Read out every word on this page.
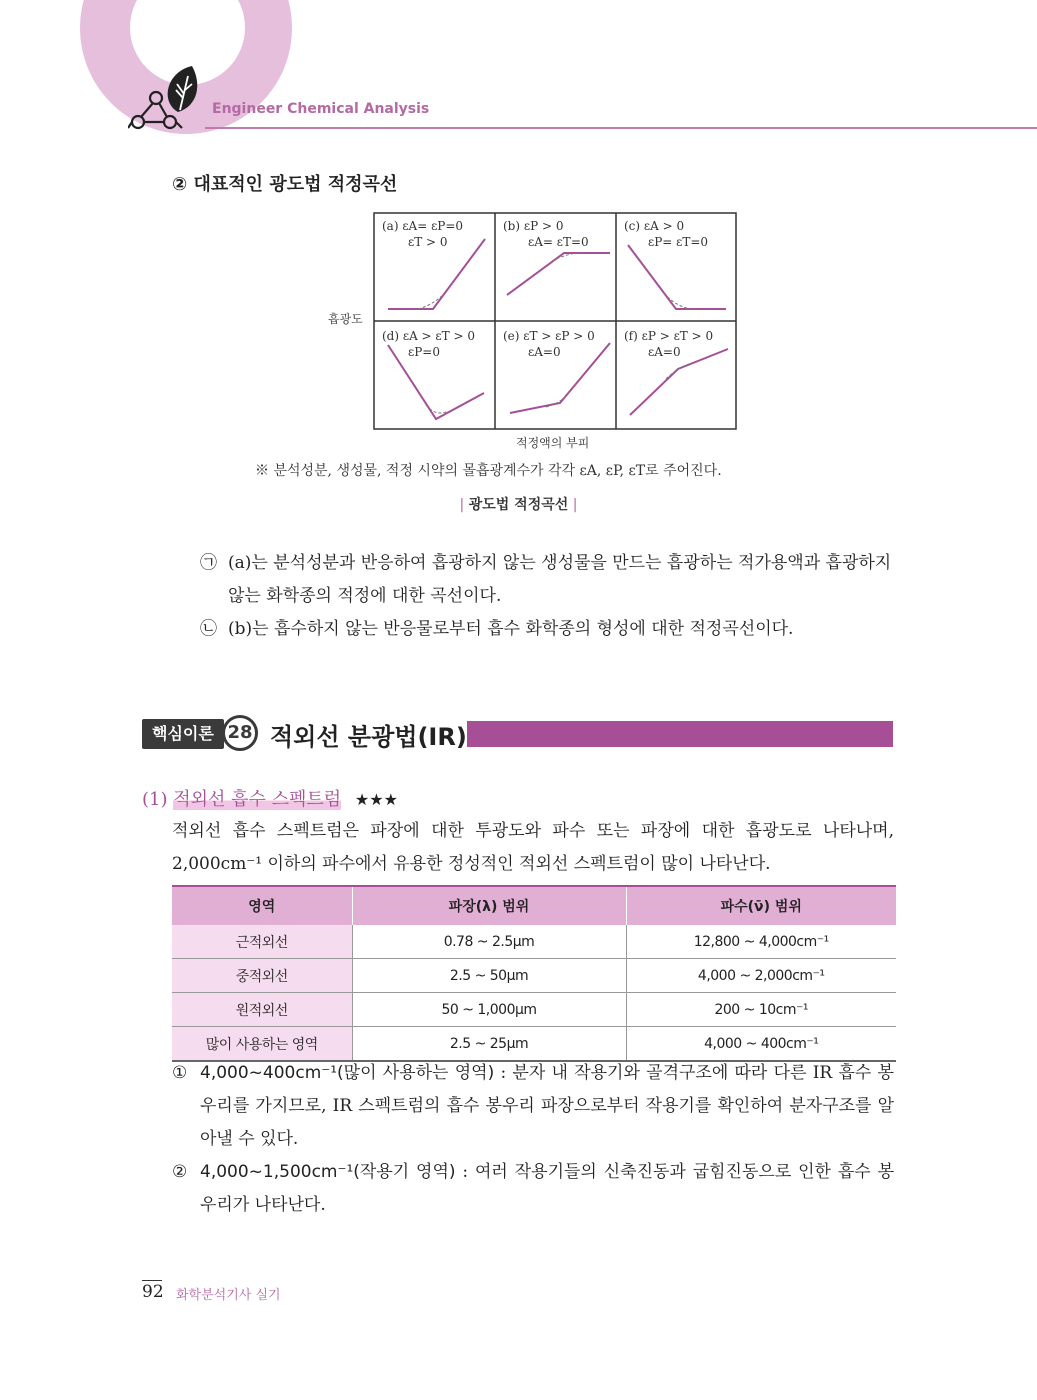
Engineer Chemical Analysis
② 대표적인 광도법 적정곡선
흡광도
적정액의 부피
(a) εA= εP=0
εT > 0
(b) εP > 0
εA= εT=0
(c) εA > 0
εP= εT=0
(d) εA > εT > 0
εP=0
(e) εT > εP > 0
εA=0
(f) εP > εT > 0
εA=0
※ 분석성분, 생성물, 적정 시약의 몰흡광계수가 각각 εA, εP, εT로 주어진다.
| 광도법 적정곡선 |
㉠ (a)는 분석성분과 반응하여 흡광하지 않는 생성물을 만드는 흡광하는 적가용액과 흡광하지 않는 화학종의 적정에 대한 곡선이다.
㉡ (b)는 흡수하지 않는 반응물로부터 흡수 화학종의 형성에 대한 적정곡선이다.
핵심이론 28 적외선 분광법(IR)
(1) 적외선 흡수 스펙트럼 ★★★
적외선 흡수 스펙트럼은 파장에 대한 투광도와 파수 또는 파장에 대한 흡광도로 나타나며, 2,000cm⁻¹ 이하의 파수에서 유용한 정성적인 적외선 스펙트럼이 많이 나타난다.
영역	파장(λ) 범위	파수(ν̄) 범위
근적외선	0.78 ~ 2.5μm	12,800 ~ 4,000cm⁻¹
중적외선	2.5 ~ 50μm	4,000 ~ 2,000cm⁻¹
원적외선	50 ~ 1,000μm	200 ~ 10cm⁻¹
많이 사용하는 영역	2.5 ~ 25μm	4,000 ~ 400cm⁻¹
① 4,000~400cm⁻¹(많이 사용하는 영역) : 분자 내 작용기와 골격구조에 따라 다른 IR 흡수 봉우리를 가지므로, IR 스펙트럼의 흡수 봉우리 파장으로부터 작용기를 확인하여 분자구조를 알아낼 수 있다.
② 4,000~1,500cm⁻¹(작용기 영역) : 여러 작용기들의 신축진동과 굽힘진동으로 인한 흡수 봉우리가 나타난다.
92 화학분석기사 실기
